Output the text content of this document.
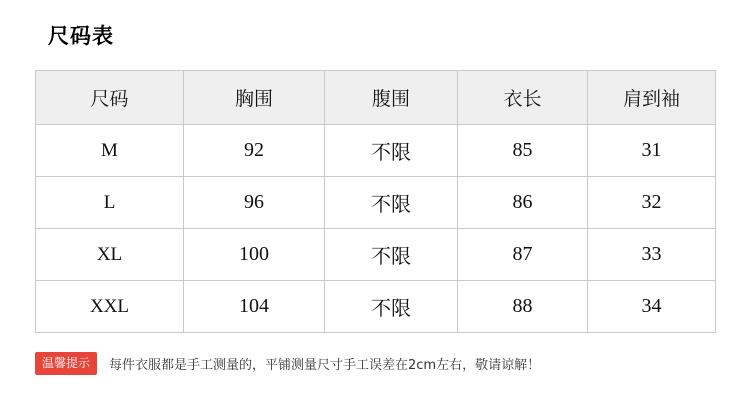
尺码表
尺码	胸围	腹围	衣长	肩到袖
M	92	不限	85	31
L	96	不限	86	32
XL	100	不限	87	33
XXL	104	不限	88	34
温馨提示	每件衣服都是手工测量的，平铺测量尺寸手工误差在2cm左右，敬请谅解！
